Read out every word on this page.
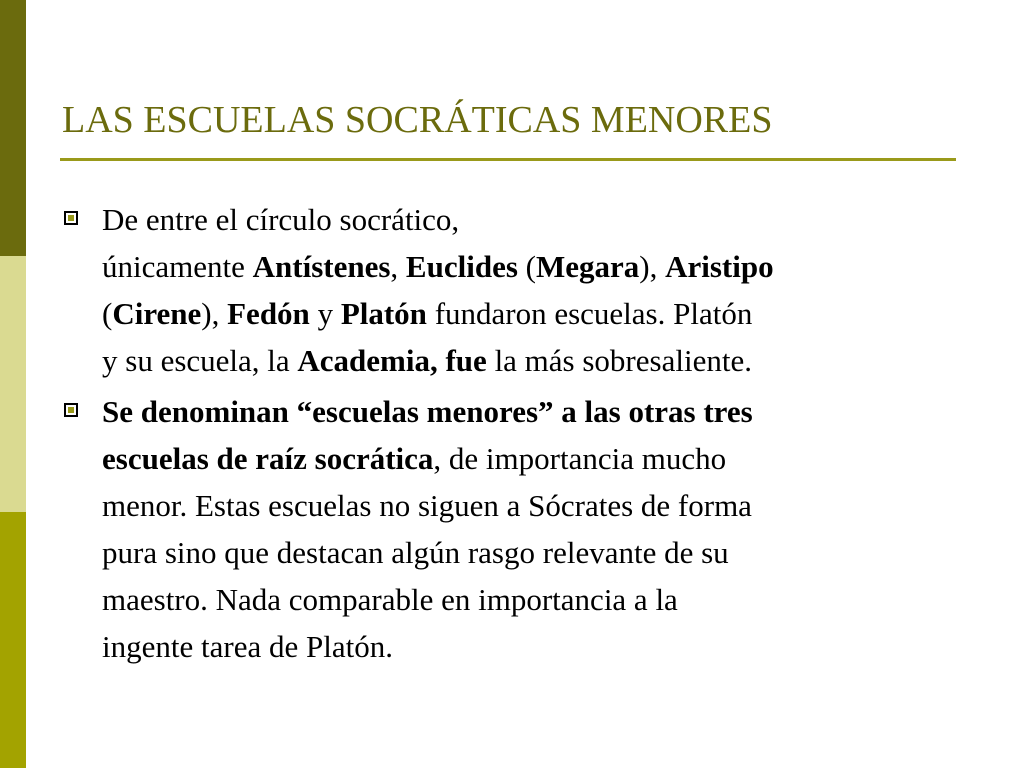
LAS ESCUELAS SOCRÁTICAS MENORES
De entre el círculo socrático,
únicamente Antístenes, Euclides (Megara), Aristipo
(Cirene), Fedón y Platón fundaron escuelas. Platón
y su escuela, la Academia, fue la más sobresaliente.
Se denominan “escuelas menores” a las otras tres
escuelas de raíz socrática, de importancia mucho
menor. Estas escuelas no siguen a Sócrates de forma
pura sino que destacan algún rasgo relevante de su
maestro. Nada comparable en importancia a la
ingente tarea de Platón.
